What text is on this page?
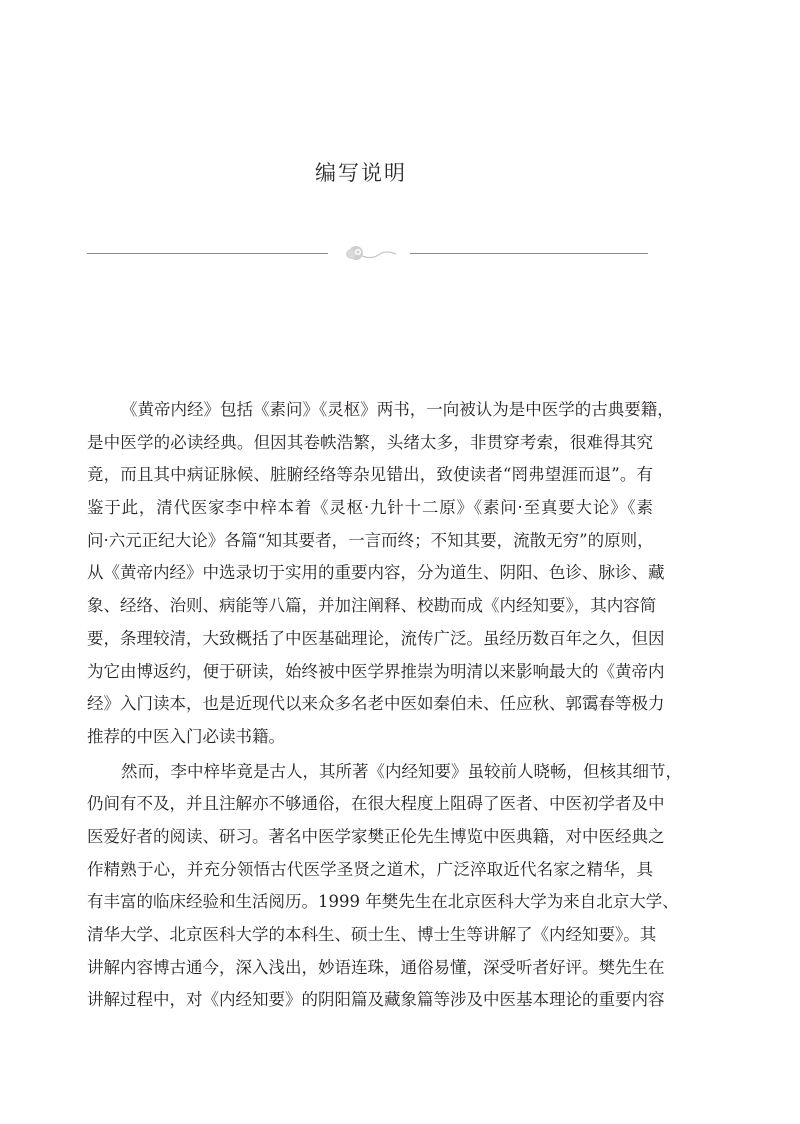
编写说明
《黄帝内经》包括《素问》《灵枢》两书，一向被认为是中医学的古典要籍，
是中医学的必读经典。但因其卷帙浩繁，头绪太多，非贯穿考索，很难得其究
竟，而且其中病证脉候、脏腑经络等杂见错出，致使读者“罔弗望涯而退”。有
鉴于此，清代医家李中梓本着《灵枢·九针十二原》《素问·至真要大论》《素
问·六元正纪大论》各篇“知其要者，一言而终；不知其要，流散无穷”的原则，
从《黄帝内经》中选录切于实用的重要内容，分为道生、阴阳、色诊、脉诊、藏
象、经络、治则、病能等八篇，并加注阐释、校勘而成《内经知要》，其内容简
要，条理较清，大致概括了中医基础理论，流传广泛。虽经历数百年之久，但因
为它由博返约，便于研读，始终被中医学界推崇为明清以来影响最大的《黄帝内
经》入门读本，也是近现代以来众多名老中医如秦伯未、任应秋、郭霭春等极力
推荐的中医入门必读书籍。
然而，李中梓毕竟是古人，其所著《内经知要》虽较前人晓畅，但核其细节，
仍间有不及，并且注解亦不够通俗，在很大程度上阻碍了医者、中医初学者及中
医爱好者的阅读、研习。著名中医学家樊正伦先生博览中医典籍，对中医经典之
作精熟于心，并充分领悟古代医学圣贤之道术，广泛淬取近代名家之精华，具
有丰富的临床经验和生活阅历。1999 年樊先生在北京医科大学为来自北京大学、
清华大学、北京医科大学的本科生、硕士生、博士生等讲解了《内经知要》。其
讲解内容博古通今，深入浅出，妙语连珠，通俗易懂，深受听者好评。樊先生在
讲解过程中，对《内经知要》的阴阳篇及藏象篇等涉及中医基本理论的重要内容
